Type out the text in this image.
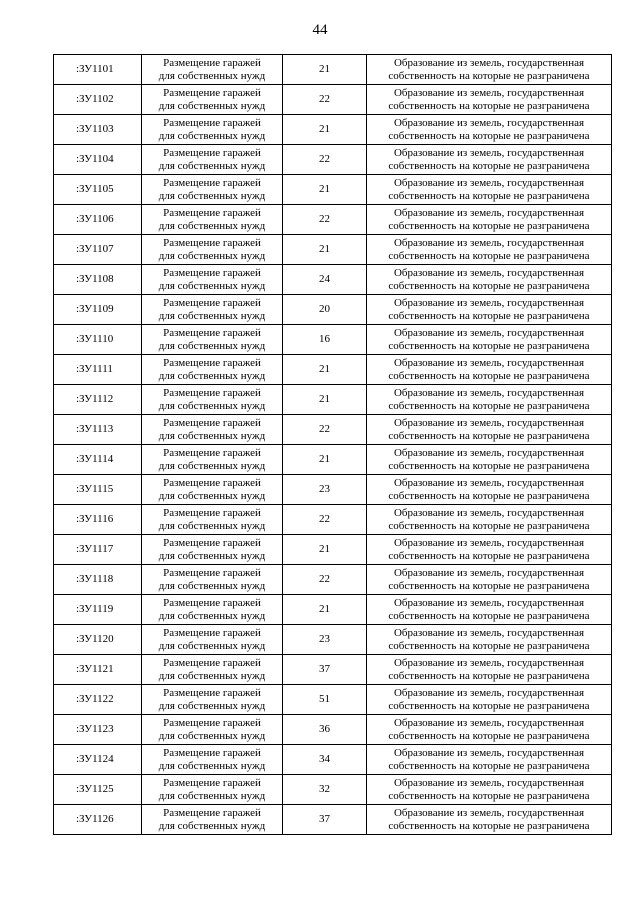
44
:ЗУ1101	Размещение гаражей
для собственных нужд	21	Образование из земель, государственная
собственность на которые не разграничена

:ЗУ1102	Размещение гаражей
для собственных нужд	22	Образование из земель, государственная
собственность на которые не разграничена

:ЗУ1103	Размещение гаражей
для собственных нужд	21	Образование из земель, государственная
собственность на которые не разграничена

:ЗУ1104	Размещение гаражей
для собственных нужд	22	Образование из земель, государственная
собственность на которые не разграничена

:ЗУ1105	Размещение гаражей
для собственных нужд	21	Образование из земель, государственная
собственность на которые не разграничена

:ЗУ1106	Размещение гаражей
для собственных нужд	22	Образование из земель, государственная
собственность на которые не разграничена

:ЗУ1107	Размещение гаражей
для собственных нужд	21	Образование из земель, государственная
собственность на которые не разграничена

:ЗУ1108	Размещение гаражей
для собственных нужд	24	Образование из земель, государственная
собственность на которые не разграничена

:ЗУ1109	Размещение гаражей
для собственных нужд	20	Образование из земель, государственная
собственность на которые не разграничена

:ЗУ1110	Размещение гаражей
для собственных нужд	16	Образование из земель, государственная
собственность на которые не разграничена

:ЗУ1111	Размещение гаражей
для собственных нужд	21	Образование из земель, государственная
собственность на которые не разграничена

:ЗУ1112	Размещение гаражей
для собственных нужд	21	Образование из земель, государственная
собственность на которые не разграничена

:ЗУ1113	Размещение гаражей
для собственных нужд	22	Образование из земель, государственная
собственность на которые не разграничена

:ЗУ1114	Размещение гаражей
для собственных нужд	21	Образование из земель, государственная
собственность на которые не разграничена

:ЗУ1115	Размещение гаражей
для собственных нужд	23	Образование из земель, государственная
собственность на которые не разграничена

:ЗУ1116	Размещение гаражей
для собственных нужд	22	Образование из земель, государственная
собственность на которые не разграничена

:ЗУ1117	Размещение гаражей
для собственных нужд	21	Образование из земель, государственная
собственность на которые не разграничена

:ЗУ1118	Размещение гаражей
для собственных нужд	22	Образование из земель, государственная
собственность на которые не разграничена

:ЗУ1119	Размещение гаражей
для собственных нужд	21	Образование из земель, государственная
собственность на которые не разграничена

:ЗУ1120	Размещение гаражей
для собственных нужд	23	Образование из земель, государственная
собственность на которые не разграничена

:ЗУ1121	Размещение гаражей
для собственных нужд	37	Образование из земель, государственная
собственность на которые не разграничена

:ЗУ1122	Размещение гаражей
для собственных нужд	51	Образование из земель, государственная
собственность на которые не разграничена

:ЗУ1123	Размещение гаражей
для собственных нужд	36	Образование из земель, государственная
собственность на которые не разграничена

:ЗУ1124	Размещение гаражей
для собственных нужд	34	Образование из земель, государственная
собственность на которые не разграничена

:ЗУ1125	Размещение гаражей
для собственных нужд	32	Образование из земель, государственная
собственность на которые не разграничена

:ЗУ1126	Размещение гаражей
для собственных нужд	37	Образование из земель, государственная
собственность на которые не разграничена
